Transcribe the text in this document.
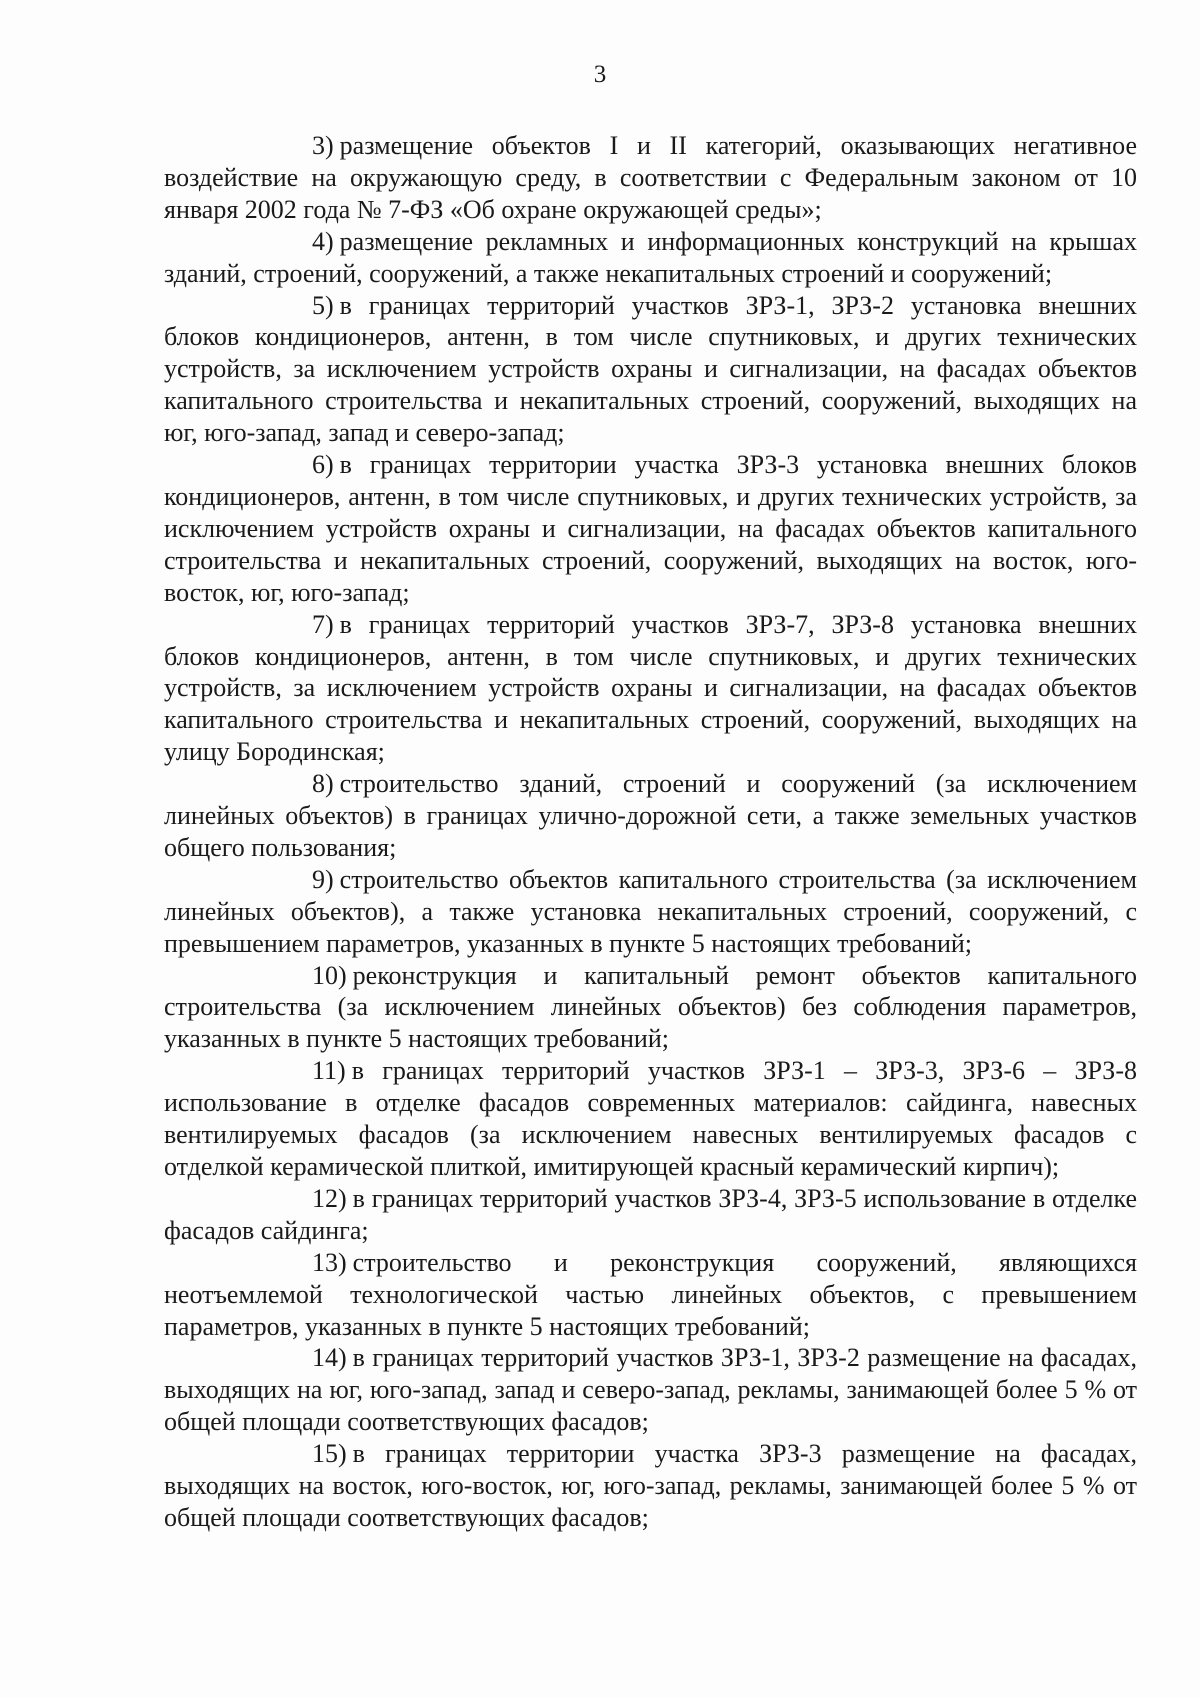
3

3) размещение объектов I и II категорий, оказывающих негативное воздействие на окружающую среду, в соответствии с Федеральным законом от 10 января 2002 года № 7-ФЗ «Об охране окружающей среды»;

4) размещение рекламных и информационных конструкций на крышах зданий, строений, сооружений, а также некапитальных строений и сооружений;

5) в границах территорий участков ЗРЗ-1, ЗРЗ-2 установка внешних блоков кондиционеров, антенн, в том числе спутниковых, и других технических устройств, за исключением устройств охраны и сигнализации, на фасадах объектов капитального строительства и некапитальных строений, сооружений, выходящих на юг, юго-запад, запад и северо-запад;

6) в границах территории участка ЗРЗ-3 установка внешних блоков кондиционеров, антенн, в том числе спутниковых, и других технических устройств, за исключением устройств охраны и сигнализации, на фасадах объектов капитального строительства и некапитальных строений, сооружений, выходящих на восток, юго-восток, юг, юго-запад;

7) в границах территорий участков ЗРЗ-7, ЗРЗ-8 установка внешних блоков кондиционеров, антенн, в том числе спутниковых, и других технических устройств, за исключением устройств охраны и сигнализации, на фасадах объектов капитального строительства и некапитальных строений, сооружений, выходящих на улицу Бородинская;

8) строительство зданий, строений и сооружений (за исключением линейных объектов) в границах улично-дорожной сети, а также земельных участков общего пользования;

9) строительство объектов капитального строительства (за исключением линейных объектов), а также установка некапитальных строений, сооружений, с превышением параметров, указанных в пункте 5 настоящих требований;

10) реконструкция и капитальный ремонт объектов капитального строительства (за исключением линейных объектов) без соблюдения параметров, указанных в пункте 5 настоящих требований;

11) в границах территорий участков ЗРЗ-1 – ЗРЗ-3, ЗРЗ-6 – ЗРЗ-8 использование в отделке фасадов современных материалов: сайдинга, навесных вентилируемых фасадов (за исключением навесных вентилируемых фасадов с отделкой керамической плиткой, имитирующей красный керамический кирпич);

12) в границах территорий участков ЗРЗ-4, ЗРЗ-5 использование в отделке фасадов сайдинга;

13) строительство и реконструкция сооружений, являющихся неотъемлемой технологической частью линейных объектов, с превышением параметров, указанных в пункте 5 настоящих требований;

14) в границах территорий участков ЗРЗ-1, ЗРЗ-2 размещение на фасадах, выходящих на юг, юго-запад, запад и северо-запад, рекламы, занимающей более 5 % от общей площади соответствующих фасадов;

15) в границах территории участка ЗРЗ-3 размещение на фасадах, выходящих на восток, юго-восток, юг, юго-запад, рекламы, занимающей более 5 % от общей площади соответствующих фасадов;
